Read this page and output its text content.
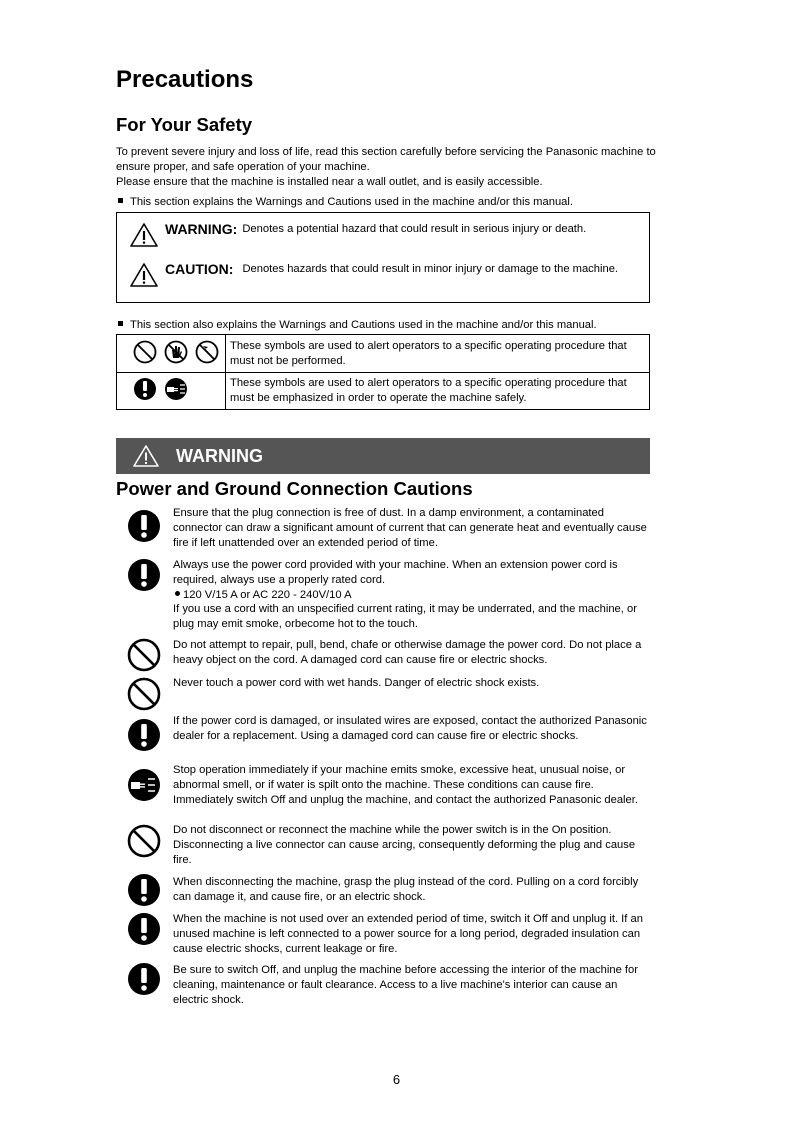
Precautions
For Your Safety

To prevent severe injury and loss of life, read this section carefully before servicing the Panasonic machine to ensure proper, and safe operation of your machine.

Please ensure that the machine is installed near a wall outlet, and is easily accessible.

This section explains the Warnings and Cautions used in the machine and/or this manual.
WARNING: Denotes a potential hazard that could result in serious injury or death.
CAUTION: Denotes hazards that could result in minor injury or damage to the machine.
This section also explains the Warnings and Cautions used in the machine and/or this manual.
These symbols are used to alert operators to a specific operating procedure that must not be performed.
These symbols are used to alert operators to a specific operating procedure that must be emphasized in order to operate the machine safely.
WARNING
Power and Ground Connection Cautions
Ensure that the plug connection is free of dust. In a damp environment, a contaminated connector can draw a significant amount of current that can generate heat and eventually cause fire if left unattended over an extended period of time.

Always use the power cord provided with your machine. When an extension power cord is required, always use a properly rated cord.

120 V/15 A or AC 220 - 240V/10 A

If you use a cord with an unspecified current rating, it may be underrated, and the machine, or plug may emit smoke, orbecome hot to the touch.

Do not attempt to repair, pull, bend, chafe or otherwise damage the power cord. Do not place a heavy object on the cord. A damaged cord can cause fire or electric shocks.
Never touch a power cord with wet hands. Danger of electric shock exists.
If the power cord is damaged, or insulated wires are exposed, contact the authorized Panasonic dealer for a replacement. Using a damaged cord can cause fire or electric shocks.
Stop operation immediately if your machine emits smoke, excessive heat, unusual noise, or abnormal smell, or if water is spilt onto the machine. These conditions can cause fire. Immediately switch Off and unplug the machine, and contact the authorized Panasonic dealer.
Do not disconnect or reconnect the machine while the power switch is in the On position. Disconnecting a live connector can cause arcing, consequently deforming the plug and cause fire.
When disconnecting the machine, grasp the plug instead of the cord. Pulling on a cord forcibly can damage it, and cause fire, or an electric shock.
When the machine is not used over an extended period of time, switch it Off and unplug it. If an unused machine is left connected to a power source for a long period, degraded insulation can cause electric shocks, current leakage or fire.
Be sure to switch Off, and unplug the machine before accessing the interior of the machine for cleaning, maintenance or fault clearance. Access to a live machine's interior can cause an electric shock.
6
